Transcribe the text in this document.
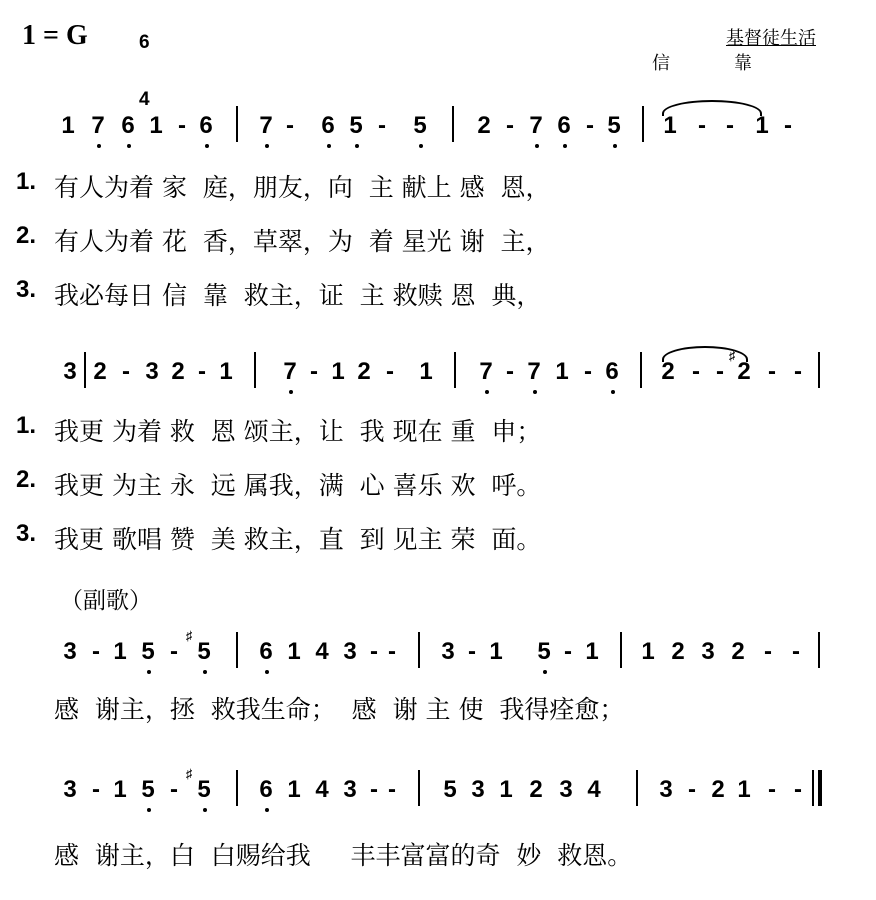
1 = G	6

4

基督徒生活
信靠
1 7 6 1 - 6 7 - 6 5 - 5 2 - 7 6 - 5 1 - - 1 -
1. 有人为着 家  庭，朋友，向  主 献上 感  恩，
2. 有人为着 花  香，草翠，为  着 星光 谢  主，
3. 我必每日 信  靠  救主，证  主 救赎 恩  典，
3 2 - 3 2 - 1 7 - 1 2 - 1 7 - 7 1 - 6 2 - -
♯
2 - -
1. 我更 为着 救  恩 颂主，让  我 现在 重  申；
2. 我更 为主 永  远 属我，满  心 喜乐 欢  呼。
3. 我更 歌唱 赞  美 救主，直  到 见主 荣  面。
（副歌）
3 - 1 5 -
♯
5 6 1 4 3 - - 3 - 1 5 - 1 1 2 3 2 - -
感  谢主，拯  救我生命；  感  谢 主 使  我得痊愈；
3 - 1 5 -
♯
5 6 1 4 3 - - 5 3 1 2 3 4 3 - 2 1 - -
感  谢主，白  白赐给我     丰丰富富的奇  妙  救恩。
